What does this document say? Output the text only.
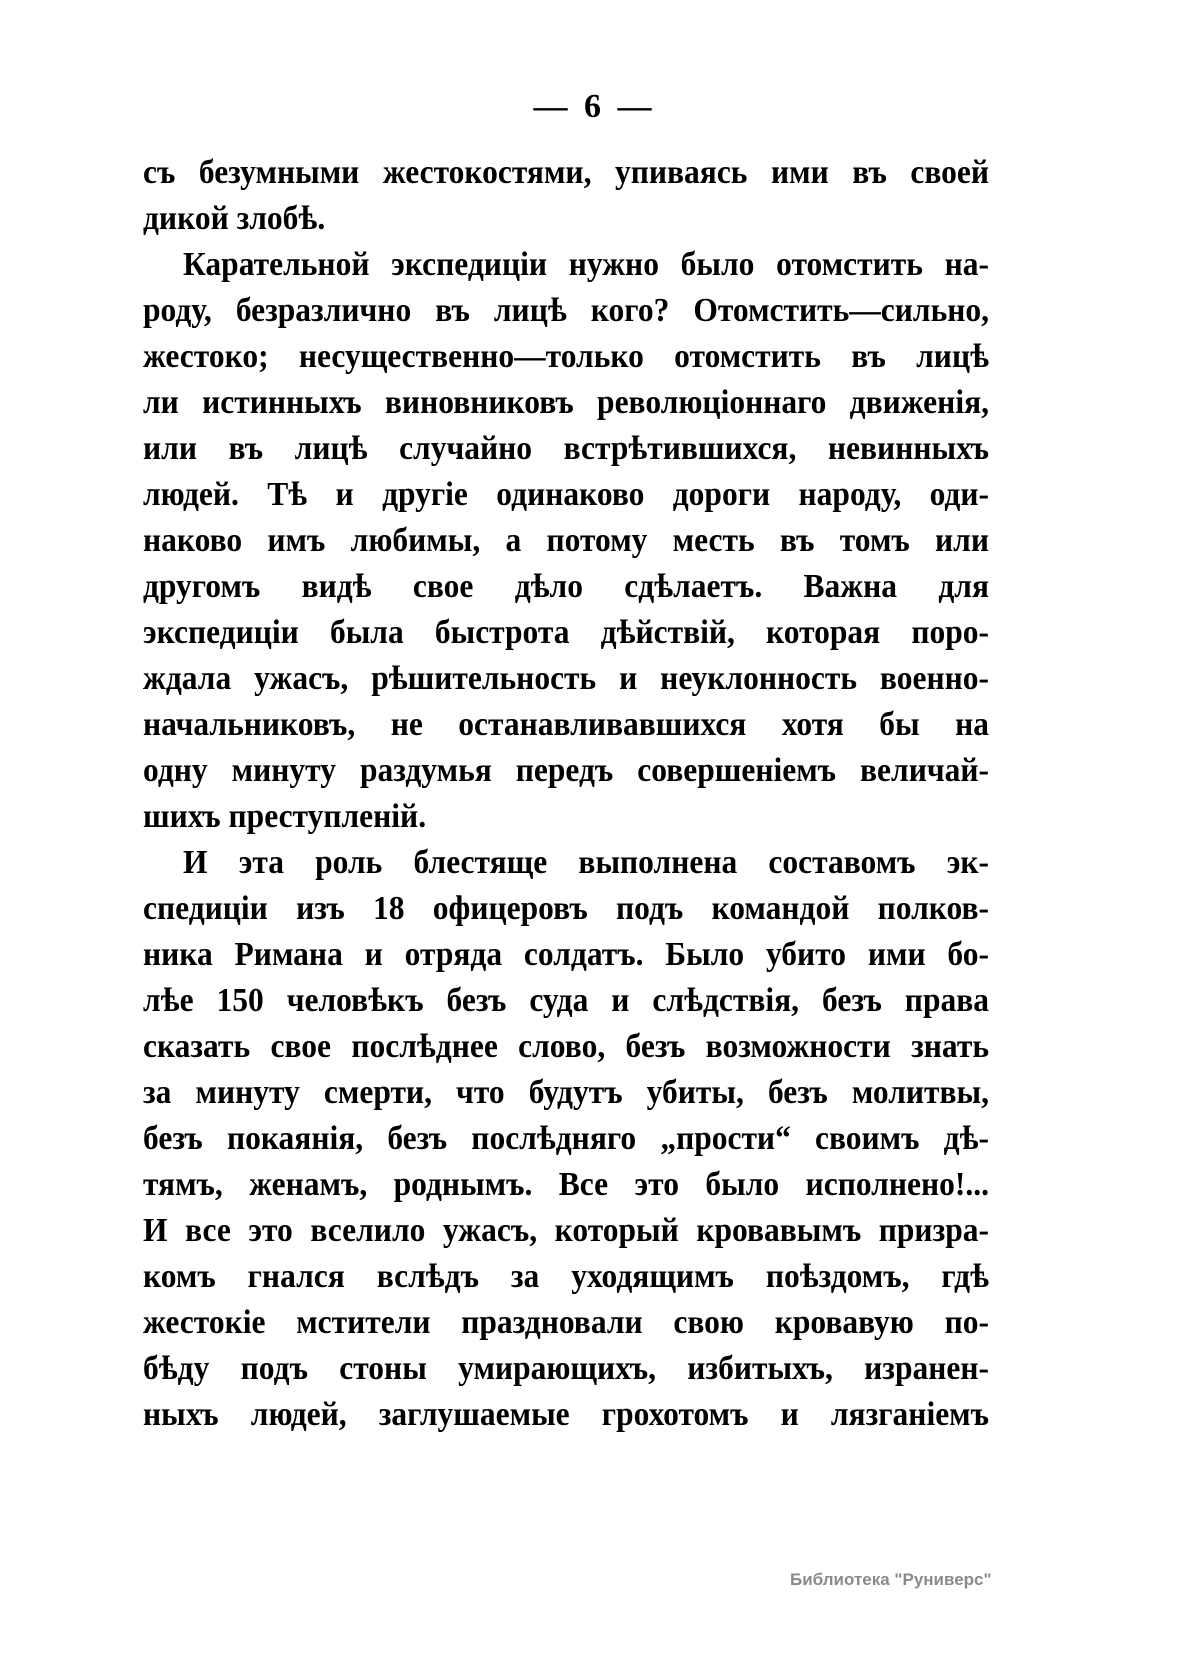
— 6 —
съ безумными жестокостями, упиваясь ими въ своей
дикой злобѣ.
Карательной экспедиціи нужно было отомстить на-
роду, безразлично въ лицѣ кого? Отомстить—сильно,
жестоко; несущественно—только отомстить въ лицѣ
ли истинныхъ виновниковъ революціоннаго движенія,
или въ лицѣ случайно встрѣтившихся, невинныхъ
людей. Тѣ и другіе одинаково дороги народу, оди-
наково имъ любимы, а потому месть въ томъ или
другомъ видѣ свое дѣло сдѣлаетъ. Важна для
экспедиціи была быстрота дѣйствій, которая поро-
ждала ужасъ, рѣшительность и неуклонность военно-
начальниковъ, не останавливавшихся хотя бы на
одну минуту раздумья передъ совершеніемъ величай-
шихъ преступленій.
И эта роль блестяще выполнена составомъ эк-
спедиціи изъ 18 офицеровъ подъ командой полков-
ника Римана и отряда солдатъ. Было убито ими бо-
лѣе 150 человѣкъ безъ суда и слѣдствія, безъ права
сказать свое послѣднее слово, безъ возможности знать
за минуту смерти, что будутъ убиты, безъ молитвы,
безъ покаянія, безъ послѣдняго „прости“ своимъ дѣ-
тямъ, женамъ, роднымъ. Все это было исполнено!...
И все это вселило ужасъ, который кровавымъ призра-
комъ гнался вслѣдъ за уходящимъ поѣздомъ, гдѣ
жестокіе мстители праздновали свою кровавую по-
бѣду подъ стоны умирающихъ, избитыхъ, изранен-
ныхъ людей, заглушаемые грохотомъ и лязганіемъ
Библиотека "Руниверс"
